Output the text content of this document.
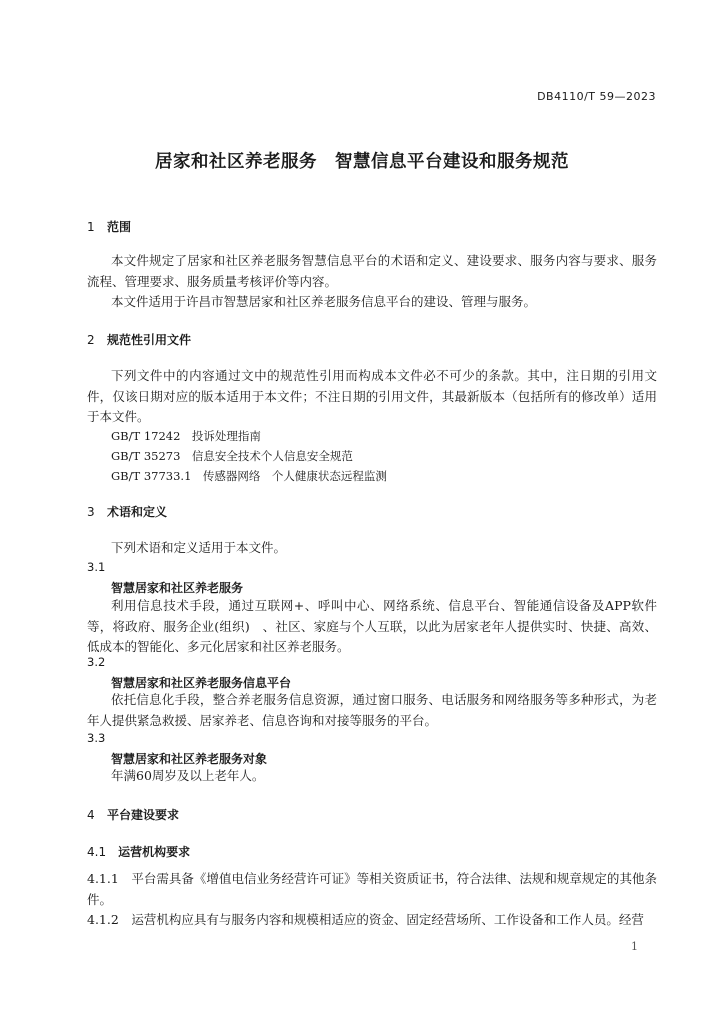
DB4110/T 59—2023
居家和社区养老服务　智慧信息平台建设和服务规范
1 范围
本文件规定了居家和社区养老服务智慧信息平台的术语和定义、建设要求、服务内容与要求、服务流程、管理要求、服务质量考核评价等内容。
本文件适用于许昌市智慧居家和社区养老服务信息平台的建设、管理与服务。
2 规范性引用文件
下列文件中的内容通过文中的规范性引用而构成本文件必不可少的条款。其中，注日期的引用文件，仅该日期对应的版本适用于本文件；不注日期的引用文件，其最新版本（包括所有的修改单）适用于本文件。
GB/T 17242　投诉处理指南
GB/T 35273　信息安全技术个人信息安全规范
GB/T 37733.1　传感器网络　个人健康状态远程监测
3 术语和定义
下列术语和定义适用于本文件。
3.1
智慧居家和社区养老服务
利用信息技术手段，通过互联网+、呼叫中心、网络系统、信息平台、智能通信设备及APP软件等，将政府、服务企业(组织)　、社区、家庭与个人互联，以此为居家老年人提供实时、快捷、高效、低成本的智能化、多元化居家和社区养老服务。
3.2
智慧居家和社区养老服务信息平台
依托信息化手段，整合养老服务信息资源，通过窗口服务、电话服务和网络服务等多种形式，为老年人提供紧急救援、居家养老、信息咨询和对接等服务的平台。
3.3
智慧居家和社区养老服务对象
年满60周岁及以上老年人。
4 平台建设要求
4.1　 运营机构要求
4.1.1　 平台需具备《增值电信业务经营许可证》等相关资质证书，符合法律、法规和规章规定的其他条件。
4.1.2　 运营机构应具有与服务内容和规模相适应的资金、固定经营场所、工作设备和工作人员。经营
1
